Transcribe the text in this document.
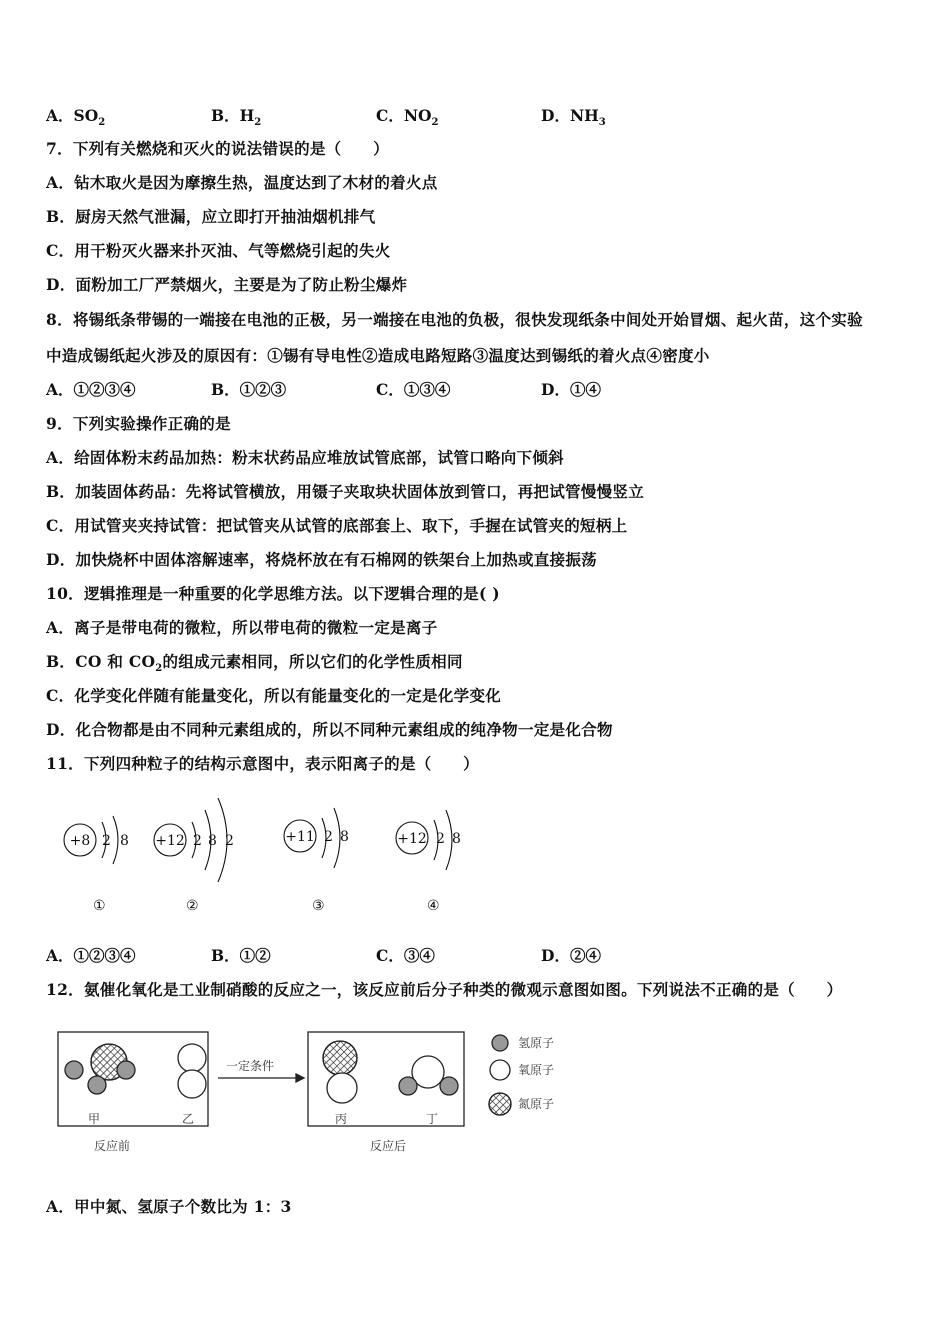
A．$SO_2$	B．$H_2$	C．$NO_2$	D．$NH_3$
7．下列有关燃烧和灭火的说法错误的是（　　）
A．钻木取火是因为摩擦生热，温度达到了木材的着火点
B．厨房天然气泄漏，应立即打开抽油烟机排气
C．用干粉灭火器来扑灭油、气等燃烧引起的失火
D．面粉加工厂严禁烟火，主要是为了防止粉尘爆炸
8．将锡纸条带锡的一端接在电池的正极，另一端接在电池的负极，很快发现纸条中间处开始冒烟、起火苗，这个实验
中造成锡纸起火涉及的原因有：①锡有导电性②造成电路短路③温度达到锡纸的着火点④密度小
A．①②③④	B．①②③	C．①③④	D．①④
9．下列实验操作正确的是
A．给固体粉末药品加热：粉末状药品应堆放试管底部，试管口略向下倾斜
B．加装固体药品：先将试管横放，用镊子夹取块状固体放到管口，再把试管慢慢竖立
C．用试管夹夹持试管：把试管夹从试管的底部套上、取下，手握在试管夹的短柄上
D．加快烧杯中固体溶解速率，将烧杯放在有石棉网的铁架台上加热或直接振荡
10．逻辑推理是一种重要的化学思维方法。以下逻辑合理的是( )
A．离子是带电荷的微粒，所以带电荷的微粒一定是离子
B．CO 和 $CO_2$的组成元素相同，所以它们的化学性质相同
C．化学变化伴随有能量变化，所以有能量变化的一定是化学变化
D．化合物都是由不同种元素组成的，所以不同种元素组成的纯净物一定是化合物
11．下列四种粒子的结构示意图中，表示阳离子的是（　　）
+8 2 8
①
+12 2 8 2
②
+11 2 8
③
+12 2 8
④
A．①②③④	B．①②	C．③④	D．②④
12．氨催化氧化是工业制硝酸的反应之一，该反应前后分子种类的微观示意图如图。下列说法不正确的是（　　）
一定条件
甲	乙	丙	丁
反应前	反应后
氢原子
氧原子
氮原子
A．甲中氮、氢原子个数比为 1：3
